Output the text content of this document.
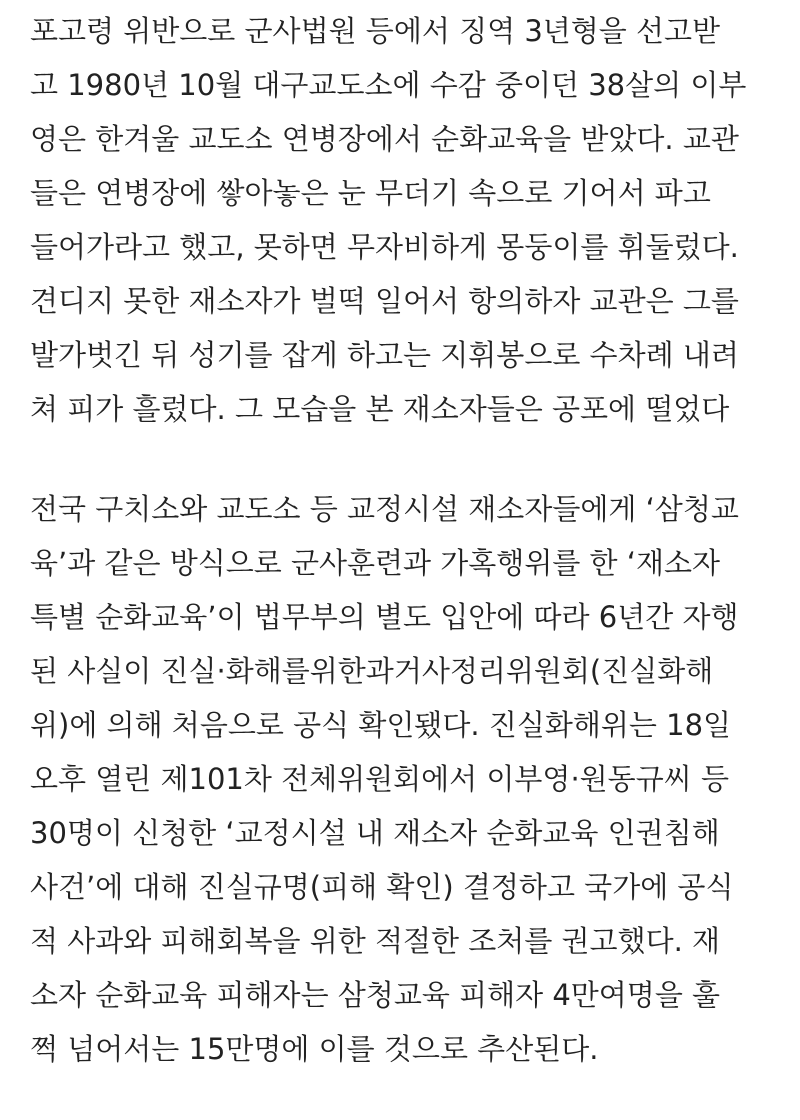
포고령 위반으로 군사법원 등에서 징역 3년형을 선고받
고 1980년 10월 대구교도소에 수감 중이던 38살의 이부
영은 한겨울 교도소 연병장에서 순화교육을 받았다. 교관
들은 연병장에 쌓아놓은 눈 무더기 속으로 기어서 파고
들어가라고 했고, 못하면 무자비하게 몽둥이를 휘둘렀다.
견디지 못한 재소자가 벌떡 일어서 항의하자 교관은 그를
발가벗긴 뒤 성기를 잡게 하고는 지휘봉으로 수차례 내려
쳐 피가 흘렀다. 그 모습을 본 재소자들은 공포에 떨었다
전국 구치소와 교도소 등 교정시설 재소자들에게 ‘삼청교
육’과 같은 방식으로 군사훈련과 가혹행위를 한 ‘재소자
특별 순화교육’이 법무부의 별도 입안에 따라 6년간 자행
된 사실이 진실·화해를위한과거사정리위원회(진실화해
위)에 의해 처음으로 공식 확인됐다. 진실화해위는 18일
오후 열린 제101차 전체위원회에서 이부영·원동규씨 등
30명이 신청한 ‘교정시설 내 재소자 순화교육 인권침해
사건’에 대해 진실규명(피해 확인) 결정하고 국가에 공식
적 사과와 피해회복을 위한 적절한 조처를 권고했다. 재
소자 순화교육 피해자는 삼청교육 피해자 4만여명을 훌
쩍 넘어서는 15만명에 이를 것으로 추산된다.
